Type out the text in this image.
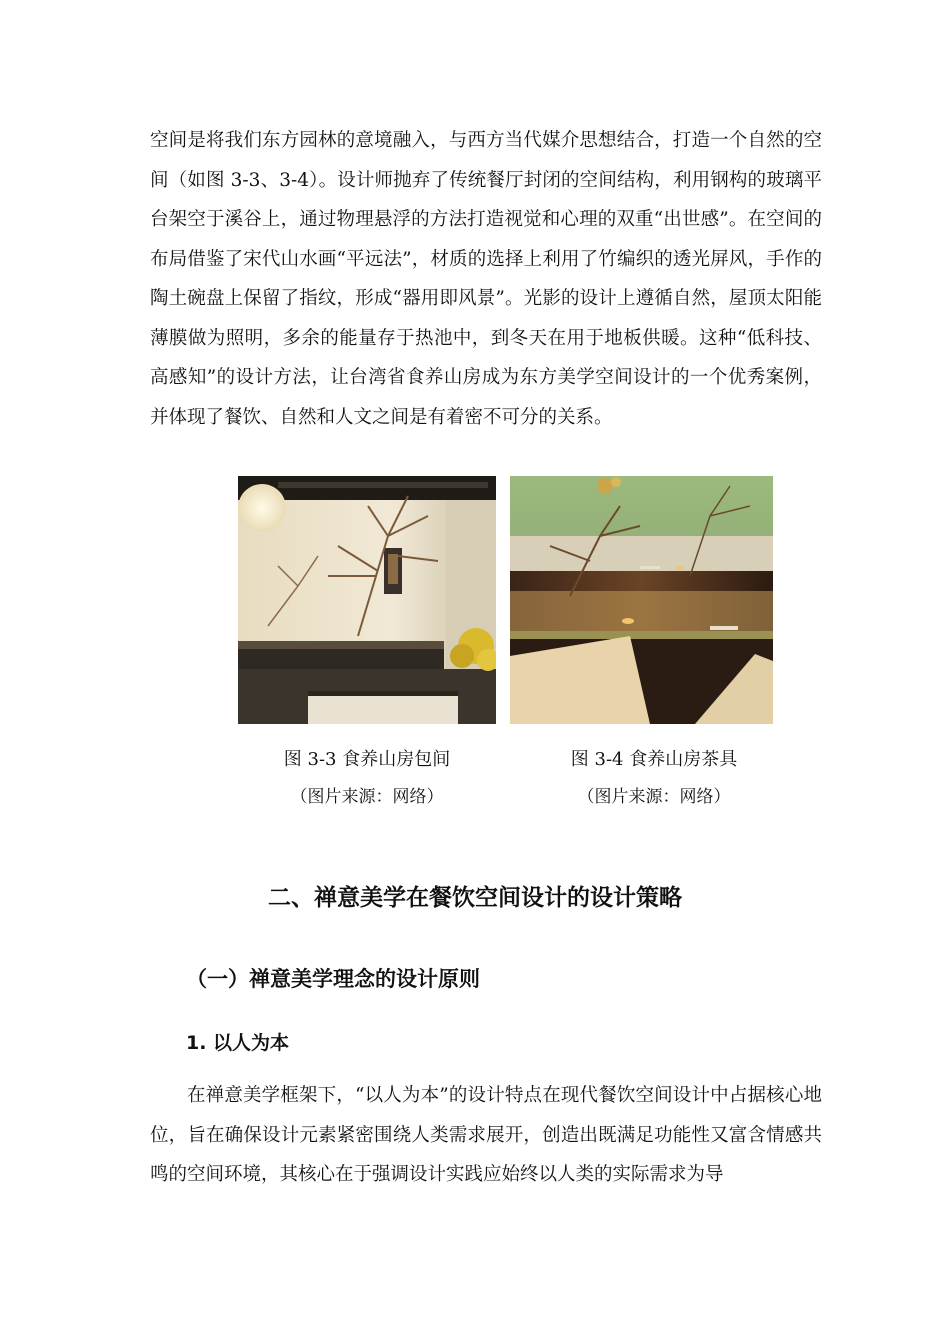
空间是将我们东方园林的意境融入，与西方当代媒介思想结合，打造一个自然的空间（如图 3-3、3-4）。设计师抛弃了传统餐厅封闭的空间结构，利用钢构的玻璃平台架空于溪谷上，通过物理悬浮的方法打造视觉和心理的双重“出世感”。在空间的布局借鉴了宋代山水画“平远法”，材质的选择上利用了竹编织的透光屏风，手作的陶土碗盘上保留了指纹，形成“器用即风景”。光影的设计上遵循自然，屋顶太阳能薄膜做为照明，多余的能量存于热池中，到冬天在用于地板供暖。这种“低科技、高感知”的设计方法，让台湾省食养山房成为东方美学空间设计的一个优秀案例，并体现了餐饮、自然和人文之间是有着密不可分的关系。

图 3-3 食养山房包间
（图片来源：网络）

图 3-4 食养山房茶具
（图片来源：网络）

二、禅意美学在餐饮空间设计的设计策略
（一）禅意美学理念的设计原则
1. 以人为本

在禅意美学框架下，“以人为本”的设计特点在现代餐饮空间设计中占据核心地位，旨在确保设计元素紧密围绕人类需求展开，创造出既满足功能性又富含情感共鸣的空间环境，其核心在于强调设计实践应始终以人类的实际需求为导
